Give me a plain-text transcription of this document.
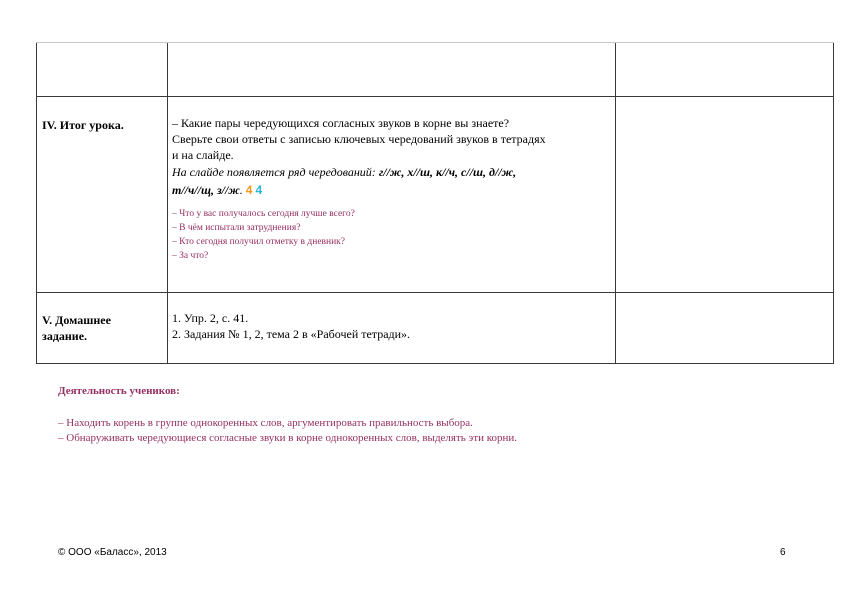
IV. Итог урока.	– Какие пары чередующихся согласных звуков в корне вы знаете?
Сверьте свои ответы с записью ключевых чередований звуков в тетрадях
и на слайде.
На слайде появляется ряд чередований: г//ж, х//ш, к//ч, с//ш, д//ж,
т//ч//щ, з//ж. 4 4
– Что у вас получалось сегодня лучше всего?
– В чём испытали затруднения?
– Кто сегодня получил отметку в дневник?
– За что?
V. Домашнее
задание.
1. Упр. 2, с. 41.
2. Задания № 1, 2, тема 2 в «Рабочей тетради».
Деятельность учеников:
– Находить корень в группе однокоренных слов, аргументировать правильность выбора.
– Обнаруживать чередующиеся согласные звуки в корне однокоренных слов, выделять эти корни.
© ООО «Баласс», 2013	6
